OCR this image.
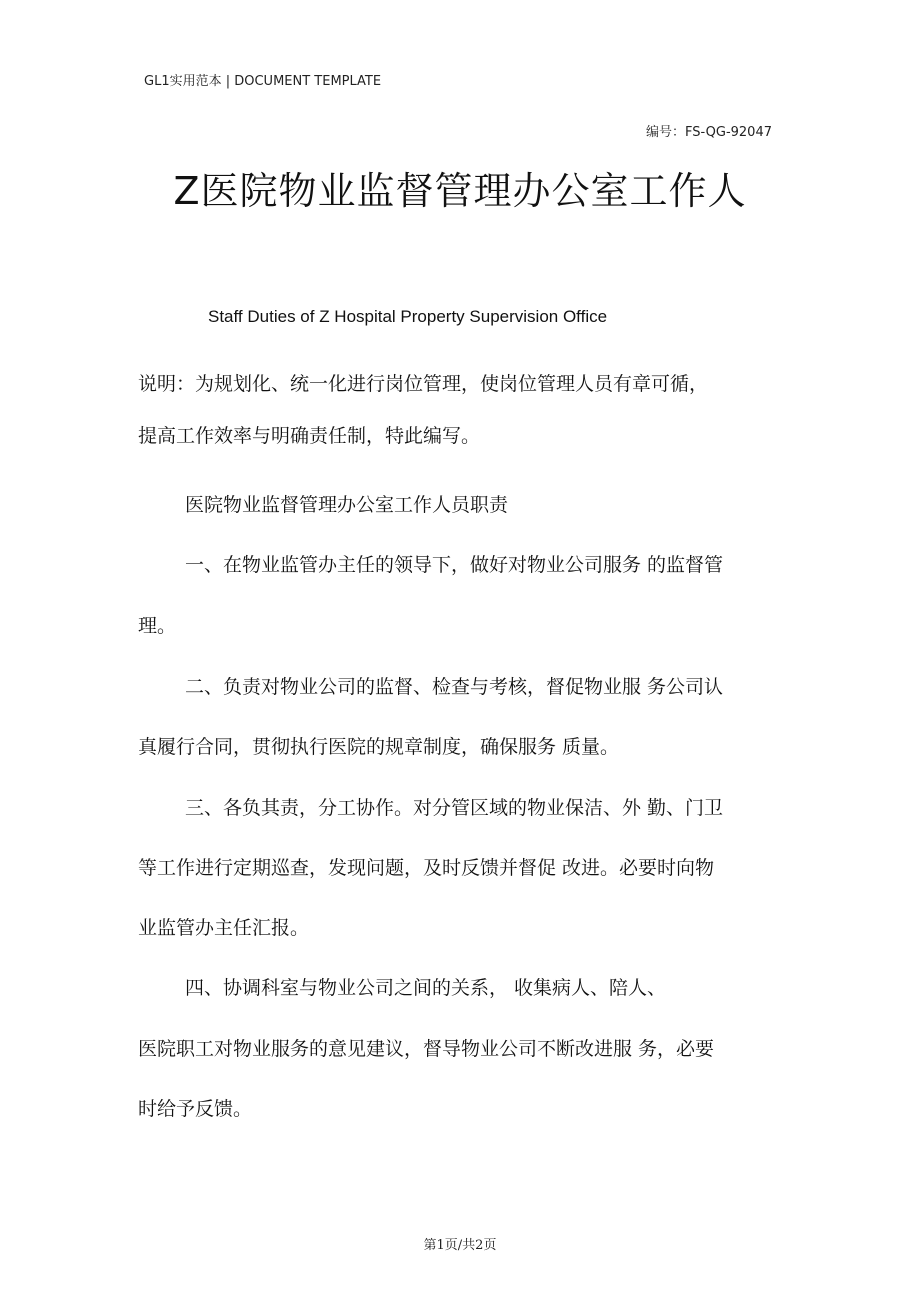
GL1实用范本 | DOCUMENT TEMPLATE
编号：FS-QG-92047
Z医院物业监督管理办公室工作人
Staff Duties of Z Hospital Property Supervision Office
说明：为规划化、统一化进行岗位管理，使岗位管理人员有章可循，
提高工作效率与明确责任制，特此编写。
医院物业监督管理办公室工作人员职责
一、在物业监管办主任的领导下，做好对物业公司服务 的监督管
理。
二、负责对物业公司的监督、检查与考核，督促物业服 务公司认
真履行合同，贯彻执行医院的规章制度，确保服务 质量。
三、各负其责，分工协作。对分管区域的物业保洁、外 勤、门卫
等工作进行定期巡查，发现问题，及时反馈并督促 改进。必要时向物
业监管办主任汇报。
四、协调科室与物业公司之间的关系， 收集病人、陪人、
医院职工对物业服务的意见建议，督导物业公司不断改进服 务，必要
时给予反馈。
第1页/共2页
